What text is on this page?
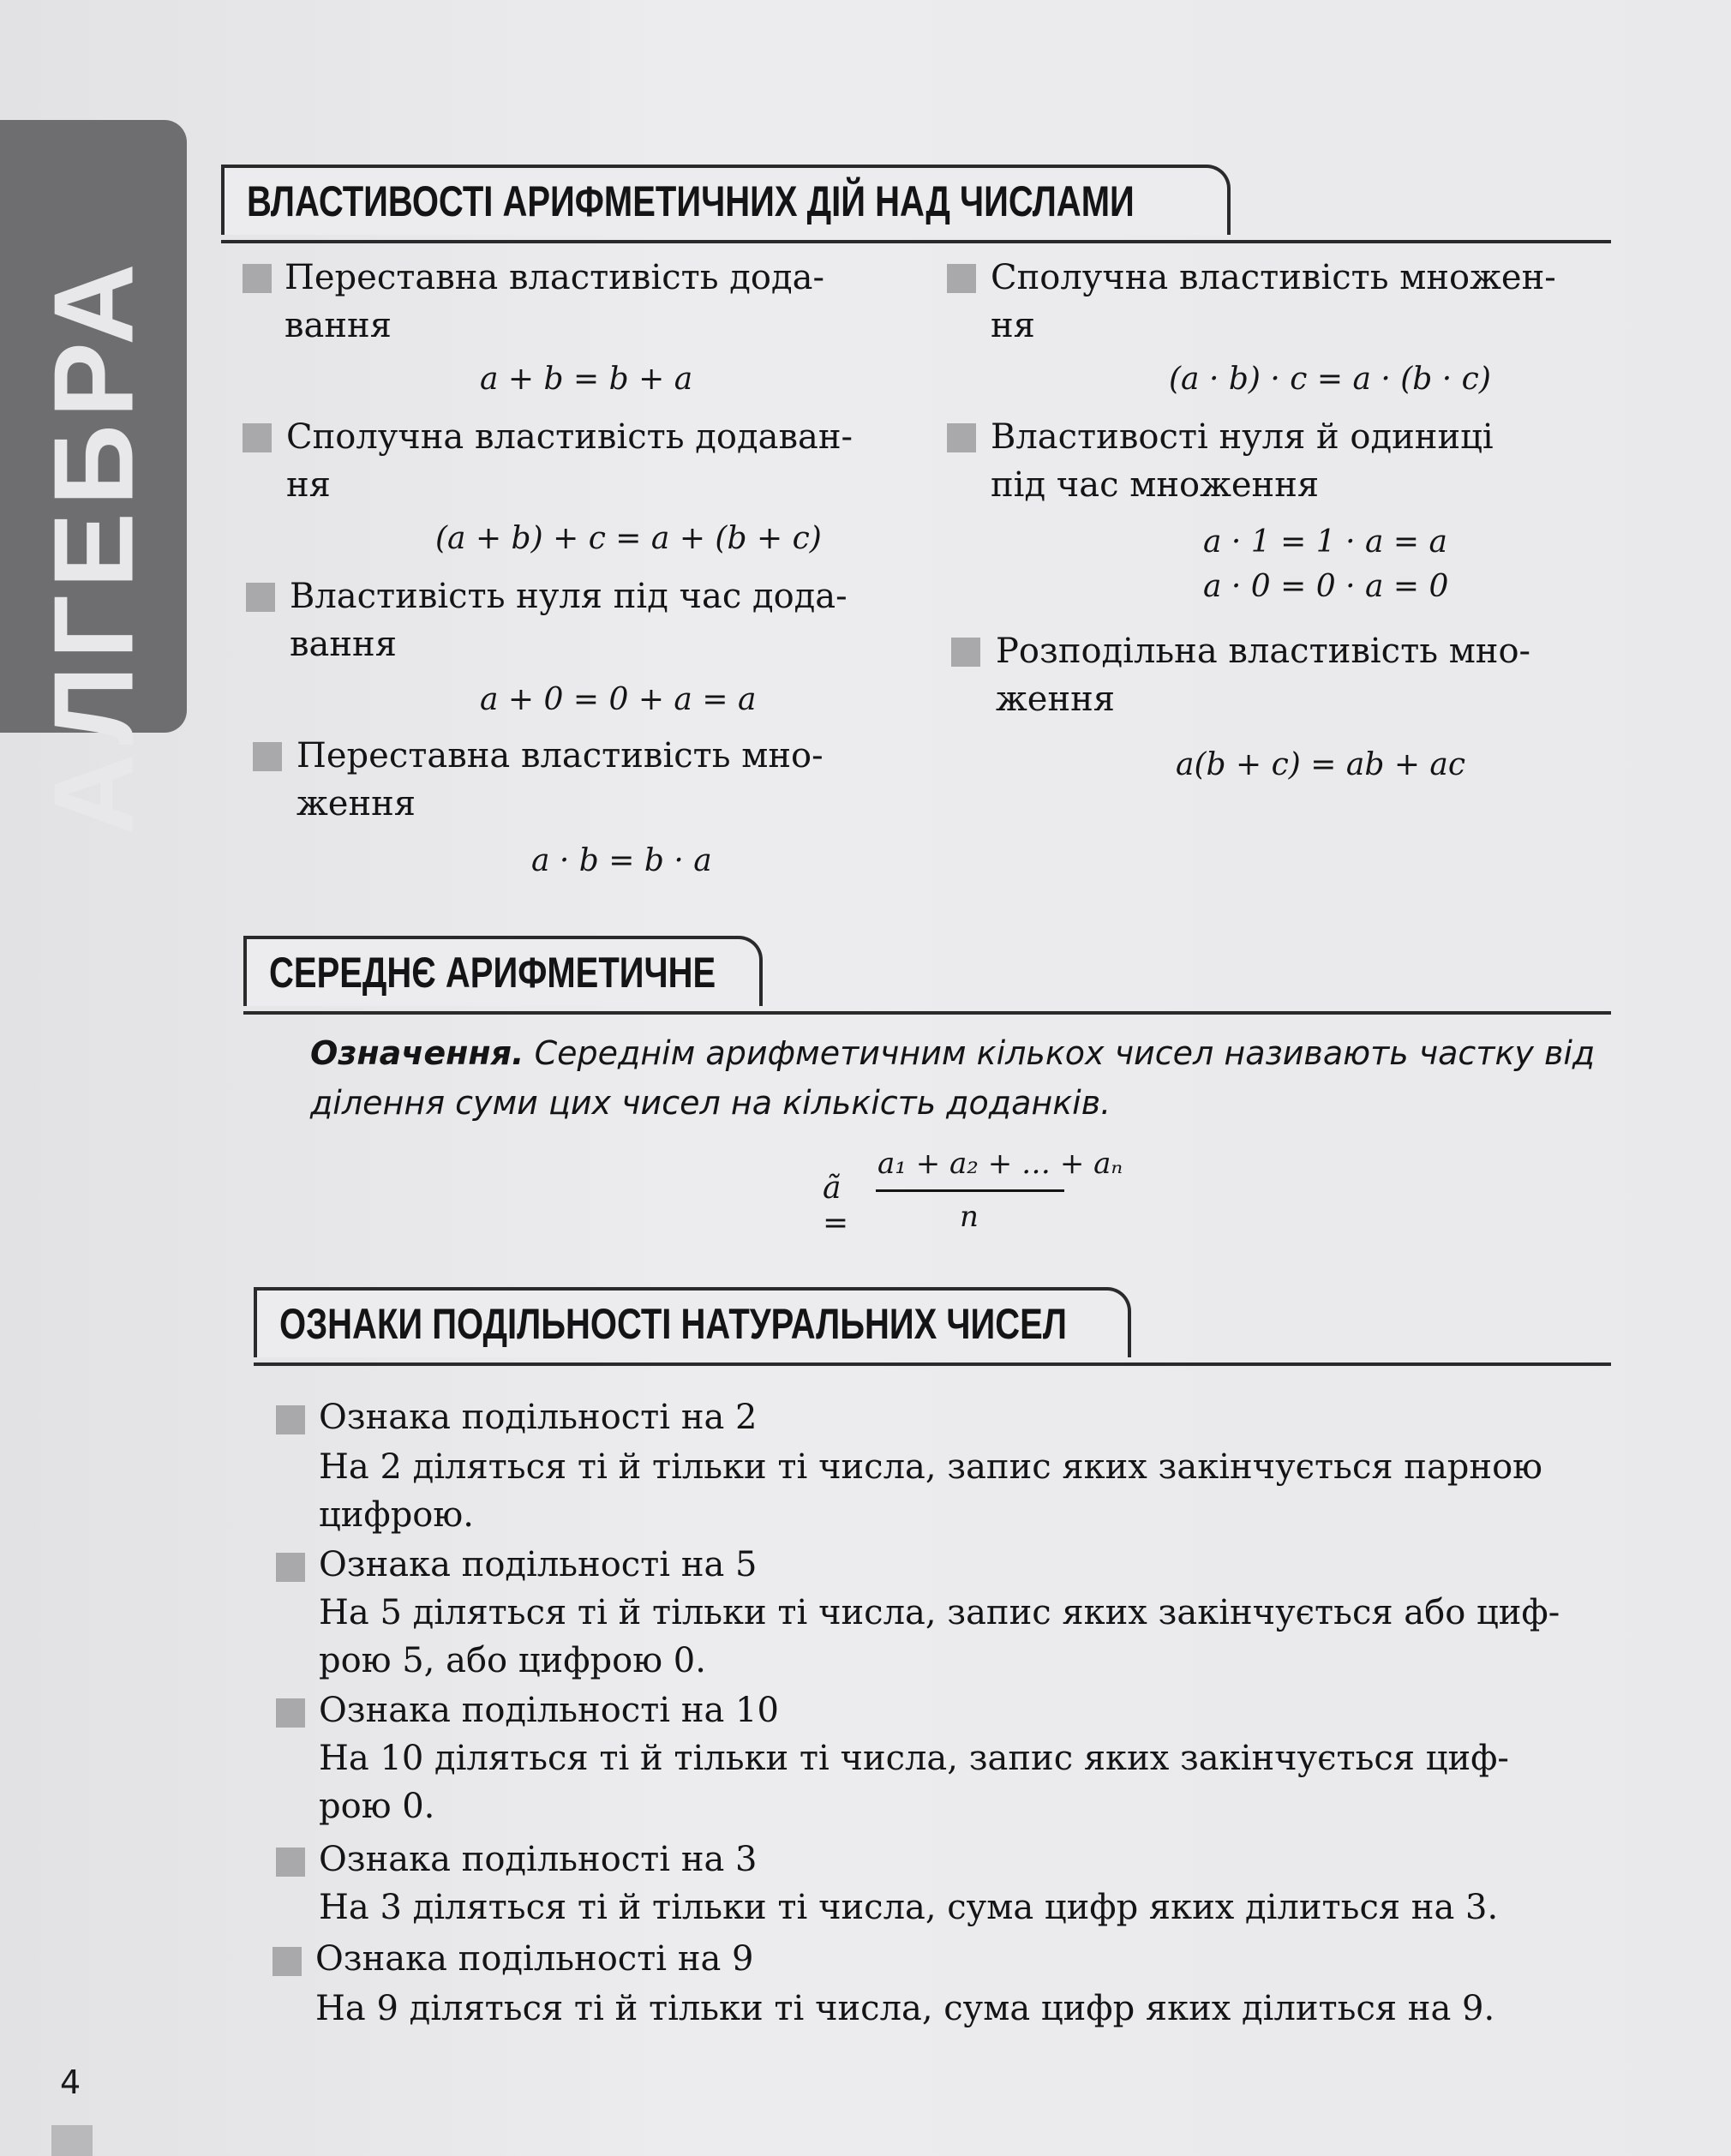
АЛГЕБРА
ВЛАСТИВОСТІ АРИФМЕТИЧНИХ ДІЙ НАД ЧИСЛАМИ
Переставна властивість дода-
вання
a + b = b + a
Сполучна властивість додаван-
ня
(a + b) + c = a + (b + c)
Властивість нуля під час дода-
вання
a + 0 = 0 + a = a
Переставна властивість мно-
ження
a · b = b · a
Сполучна властивість множен-
ня
(a · b) · c = a · (b · c)
Властивості нуля й одиниці
під час множення
a · 1 = 1 · a = a
a · 0 = 0 · a = 0
Розподільна властивість мно-
ження
a(b + c) = ab + ac
СЕРЕДНЄ АРИФМЕТИЧНЕ
Означення. Середнім арифметичним кількох чисел називають частку від
ділення суми цих чисел на кількість доданків.
ã =
a₁ + a₂ + … + aₙ
n
ОЗНАКИ ПОДІЛЬНОСТІ НАТУРАЛЬНИХ ЧИСЕЛ
Ознака подільності на 2
На 2 діляться ті й тільки ті числа, запис яких закінчується парною
цифрою.
Ознака подільності на 5
На 5 діляться ті й тільки ті числа, запис яких закінчується або циф-
рою 5, або цифрою 0.
Ознака подільності на 10
На 10 діляться ті й тільки ті числа, запис яких закінчується циф-
рою 0.
Ознака подільності на 3
На 3 діляться ті й тільки ті числа, сума цифр яких ділиться на 3.
Ознака подільності на 9
На 9 діляться ті й тільки ті числа, сума цифр яких ділиться на 9.
4
